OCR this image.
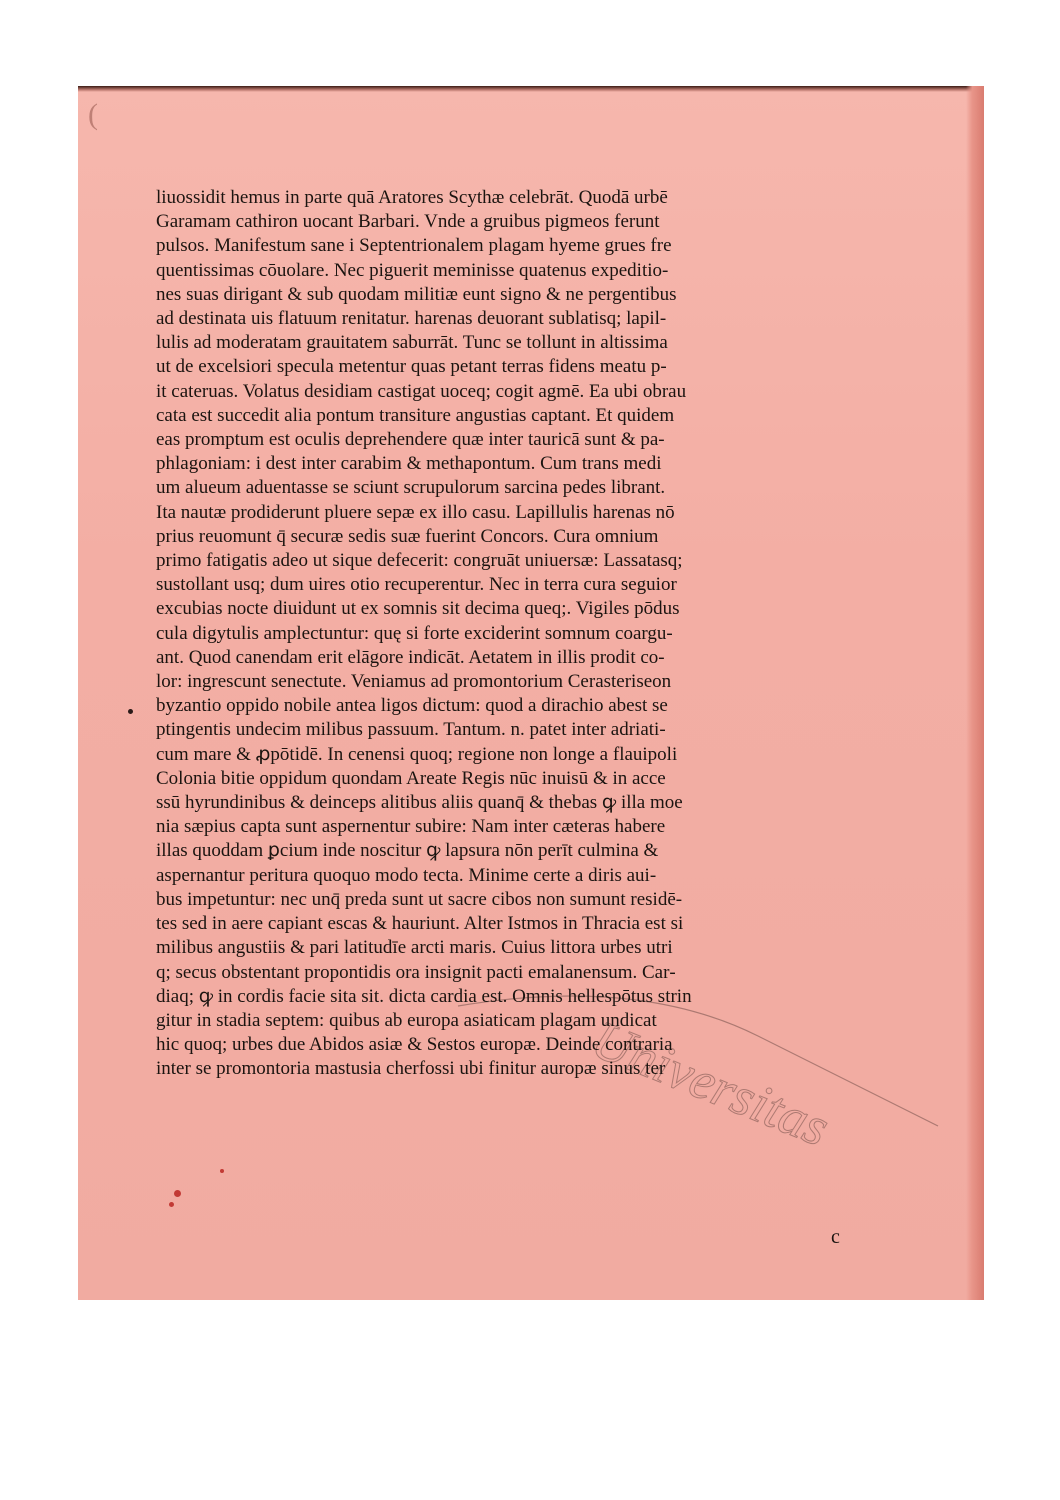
(
liuossidit hemus in parte quā Aratores Scythæ celebrāt. Quodā urbē
Garamam cathiron uocant Barbari. Vnde a gruibus pigmeos ferunt
pulsos. Manifestum sane i Septentrionalem plagam hyeme grues fre
quentissimas cōuolare. Nec piguerit meminisse quatenus expeditio‑
nes suas dirigant & sub quodam militiæ eunt signo & ne pergentibus
ad destinata uis flatuum renitatur. harenas deuorant sublatisq; lapil‑
lulis ad moderatam grauitatem saburrāt. Tunc se tollunt in altissima
ut de excelsiori specula metentur quas petant terras fidens meatu p‑
it cateruas. Volatus desidiam castigat uoceq; cogit agmē. Ea ubi obrau
cata est succedit alia pontum transiture angustias captant. Et quidem
eas promptum est oculis deprehendere quæ inter tauricā sunt & pa‑
phlagoniam: i dest inter carabim & methapontum. Cum trans medi
um alueum aduentasse se sciunt scrupulorum sarcina pedes librant.
Ita nautæ prodiderunt pluere sepæ ex illo casu. Lapillulis harenas nō
prius reuomunt q̄ securæ sedis suæ fuerint Concors. Cura omnium
primo fatigatis adeo ut sique defecerit: congruāt uniuersæ: Lassatasq;
sustollant usq; dum uires otio recuperentur. Nec in terra cura seguior
excubias nocte diuidunt ut ex somnis sit decima queq;. Vigiles pōdus
cula digytulis amplectuntur: quę si forte exciderint somnum coargu‑
ant. Quod canendam erit elāgore indicāt. Aetatem in illis prodit co‑
lor: ingrescunt senectute. Veniamus ad promontorium Cerasteriseon
byzantio oppido nobile antea ligos dictum: quod a dirachio abest se
ptingentis undecim milibus passuum. Tantum. n. patet inter adriati‑
cum mare & ꝓpōtidē. In cenensi quoq; regione non longe a flauipoli
Colonia bitie oppidum quondam Areate Regis nūc inuisū & in acce
ssū hyrundinibus & deinceps alitibus aliis quanq̄ & thebas ꝙ illa moe
nia sæpius capta sunt aspernentur subire: Nam inter cæteras habere
illas quoddam ꝑcium inde noscitur ꝙ lapsura nōn perīt culmina &
aspernantur peritura quoquo modo tecta. Minime certe a diris aui‑
bus impetuntur: nec unq̄ preda sunt ut sacre cibos non sumunt residē‑
tes sed in aere capiant escas & hauriunt. Alter Istmos in Thracia est si
milibus angustiis & pari latitudīe arcti maris. Cuius littora urbes utri
q; secus obstentant propontidis ora insignit pacti emalanensum. Car‑
diaq; ꝙ in cordis facie sita sit. dicta cardia est. Omnis hellespōtus strin
gitur in stadia septem: quibus ab europa asiaticam plagam undicat
hic quoq; urbes due Abidos asiæ & Sestos europæ. Deinde contraria
inter se promontoria mastusia cherfossi ubi finitur auropæ sinus ter
c
Universitas
